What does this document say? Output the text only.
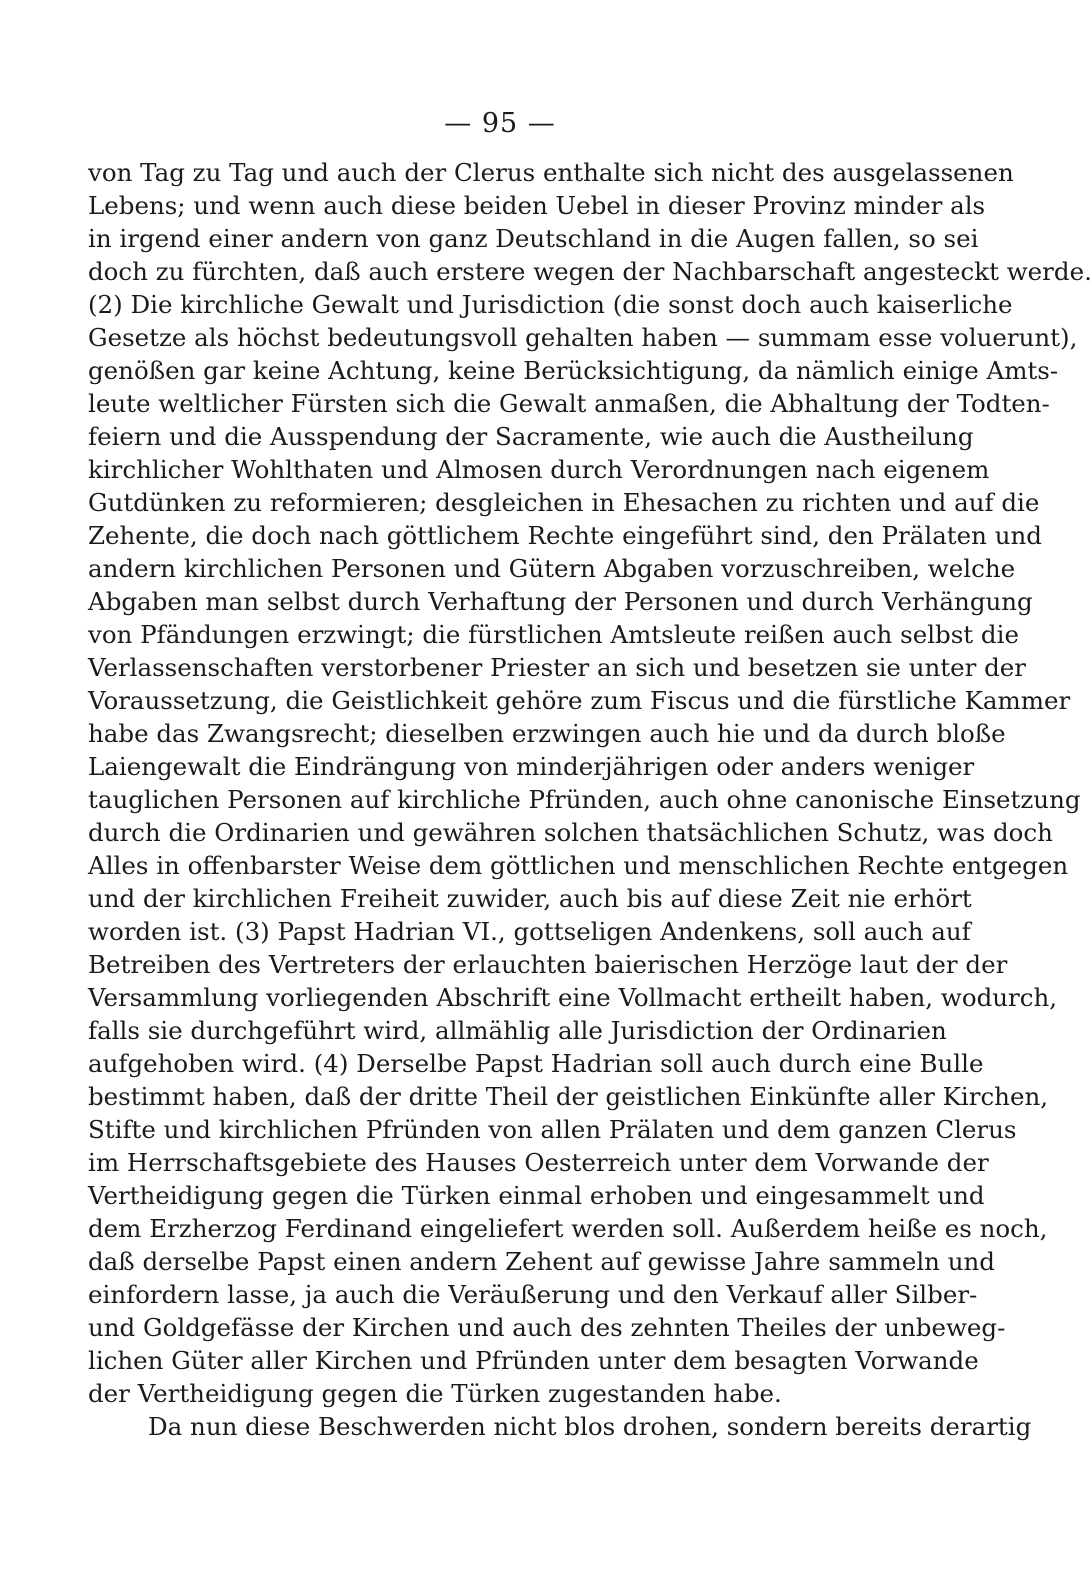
— 95 —
von Tag zu Tag und auch der Clerus enthalte sich nicht des ausgelassenen
Lebens; und wenn auch diese beiden Uebel in dieser Provinz minder als
in irgend einer andern von ganz Deutschland in die Augen fallen, so sei
doch zu fürchten, daß auch erstere wegen der Nachbarschaft angesteckt werde.
(2) Die kirchliche Gewalt und Jurisdiction (die sonst doch auch kaiserliche
Gesetze als höchst bedeutungsvoll gehalten haben — summam esse voluerunt),
genößen gar keine Achtung, keine Berücksichtigung, da nämlich einige Amts-
leute weltlicher Fürsten sich die Gewalt anmaßen, die Abhaltung der Todten-
feiern und die Ausspendung der Sacramente, wie auch die Austheilung
kirchlicher Wohlthaten und Almosen durch Verordnungen nach eigenem
Gutdünken zu reformieren; desgleichen in Ehesachen zu richten und auf die
Zehente, die doch nach göttlichem Rechte eingeführt sind, den Prälaten und
andern kirchlichen Personen und Gütern Abgaben vorzuschreiben, welche
Abgaben man selbst durch Verhaftung der Personen und durch Verhängung
von Pfändungen erzwingt; die fürstlichen Amtsleute reißen auch selbst die
Verlassenschaften verstorbener Priester an sich und besetzen sie unter der
Voraussetzung, die Geistlichkeit gehöre zum Fiscus und die fürstliche Kammer
habe das Zwangsrecht; dieselben erzwingen auch hie und da durch bloße
Laiengewalt die Eindrängung von minderjährigen oder anders weniger
tauglichen Personen auf kirchliche Pfründen, auch ohne canonische Einsetzung
durch die Ordinarien und gewähren solchen thatsächlichen Schutz, was doch
Alles in offenbarster Weise dem göttlichen und menschlichen Rechte entgegen
und der kirchlichen Freiheit zuwider, auch bis auf diese Zeit nie erhört
worden ist. (3) Papst Hadrian VI., gottseligen Andenkens, soll auch auf
Betreiben des Vertreters der erlauchten baierischen Herzöge laut der der
Versammlung vorliegenden Abschrift eine Vollmacht ertheilt haben, wodurch,
falls sie durchgeführt wird, allmählig alle Jurisdiction der Ordinarien
aufgehoben wird. (4) Derselbe Papst Hadrian soll auch durch eine Bulle
bestimmt haben, daß der dritte Theil der geistlichen Einkünfte aller Kirchen,
Stifte und kirchlichen Pfründen von allen Prälaten und dem ganzen Clerus
im Herrschaftsgebiete des Hauses Oesterreich unter dem Vorwande der
Vertheidigung gegen die Türken einmal erhoben und eingesammelt und
dem Erzherzog Ferdinand eingeliefert werden soll. Außerdem heiße es noch,
daß derselbe Papst einen andern Zehent auf gewisse Jahre sammeln und
einfordern lasse, ja auch die Veräußerung und den Verkauf aller Silber-
und Goldgefässe der Kirchen und auch des zehnten Theiles der unbeweg-
lichen Güter aller Kirchen und Pfründen unter dem besagten Vorwande
der Vertheidigung gegen die Türken zugestanden habe.
Da nun diese Beschwerden nicht blos drohen, sondern bereits derartig
